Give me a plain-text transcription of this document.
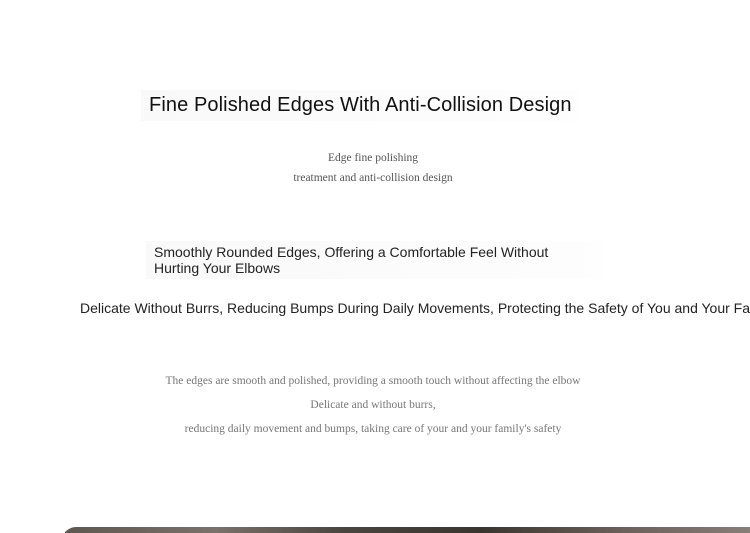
Fine Polished Edges With Anti-Collision Design
Edge fine polishing
treatment and anti-collision design
Smoothly Rounded Edges, Offering a Comfortable Feel Without
Hurting Your Elbows
Delicate Without Burrs, Reducing Bumps During Daily Movements, Protecting the Safety of You and Your Fa
The edges are smooth and polished, providing a smooth touch without affecting the elbow
Delicate and without burrs,
reducing daily movement and bumps, taking care of your and your family's safety
